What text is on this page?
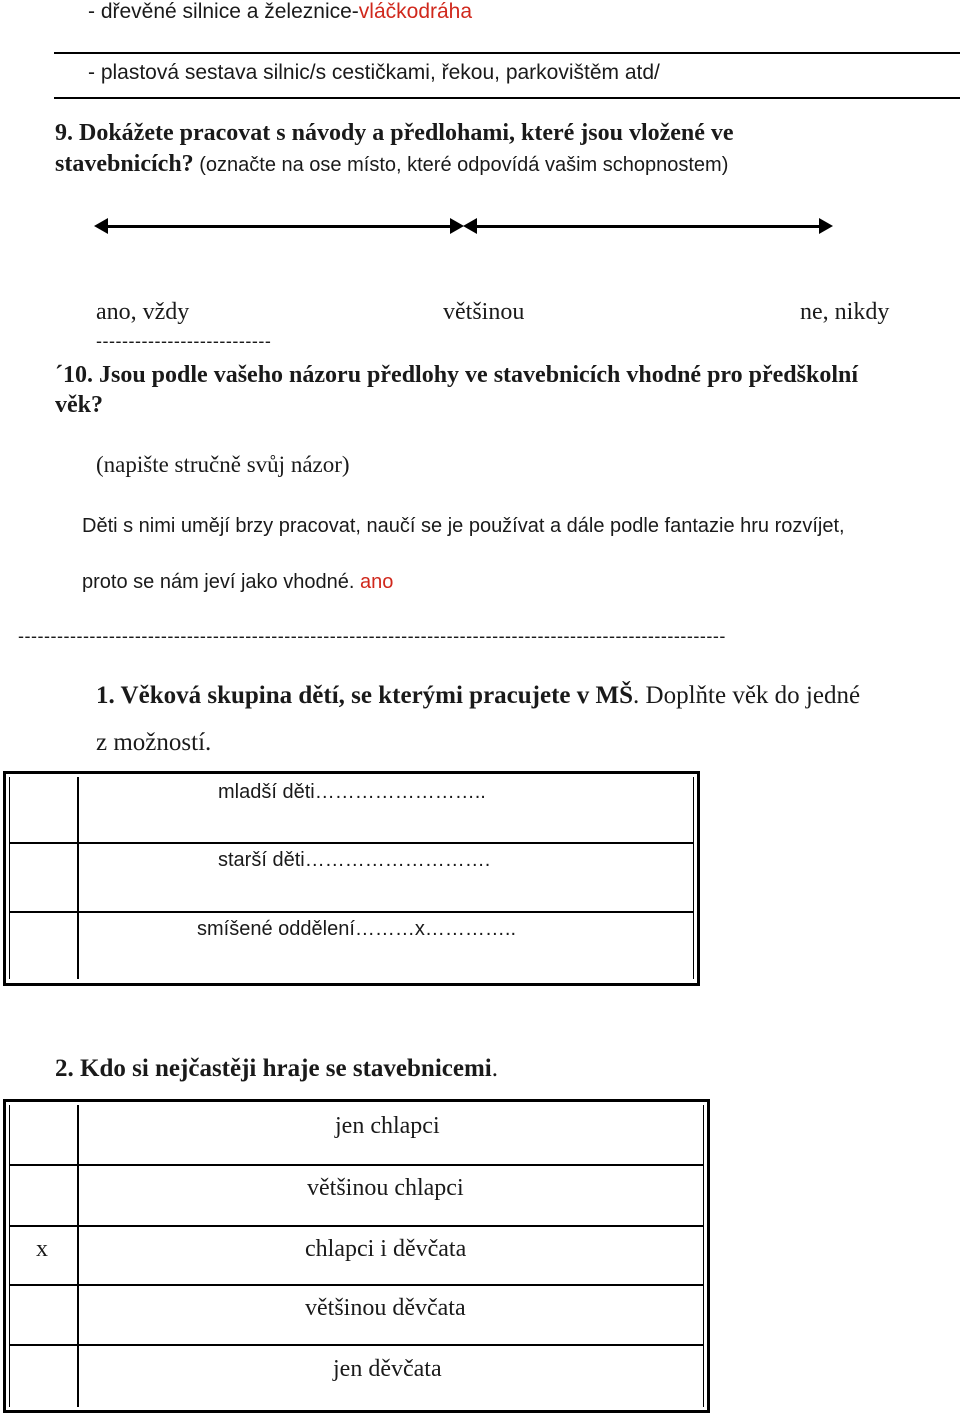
- dřevěné silnice a železnice-vláčkodráha
- plastová sestava silnic/s cestičkami, řekou, parkovištěm atd/
9. Dokážete pracovat s návody a předlohami, které jsou vložené ve
stavebnicích? (označte na ose místo, které odpovídá vašim schopnostem)
ano, vždy	většinou	ne, nikdy
---------------------------
´10. Jsou podle vašeho názoru předlohy ve stavebnicích vhodné pro předškolní
věk?
(napište stručně svůj názor)
Děti s nimi umějí brzy pracovat, naučí se je používat a dále podle fantazie hru rozvíjet,
proto se nám jeví jako vhodné. ano
-------------------------------------------------------------------------------------------------------------
1. Věková skupina dětí, se kterými pracujete v MŠ. Doplňte věk do jedné
z možností.
mladší děti……………………..
starší děti……………………….
smíšené oddělení………x…………..
2. Kdo si nejčastěji hraje se stavebnicemi.
jen chlapci
většinou chlapci
x	chlapci i děvčata
většinou děvčata
jen děvčata
